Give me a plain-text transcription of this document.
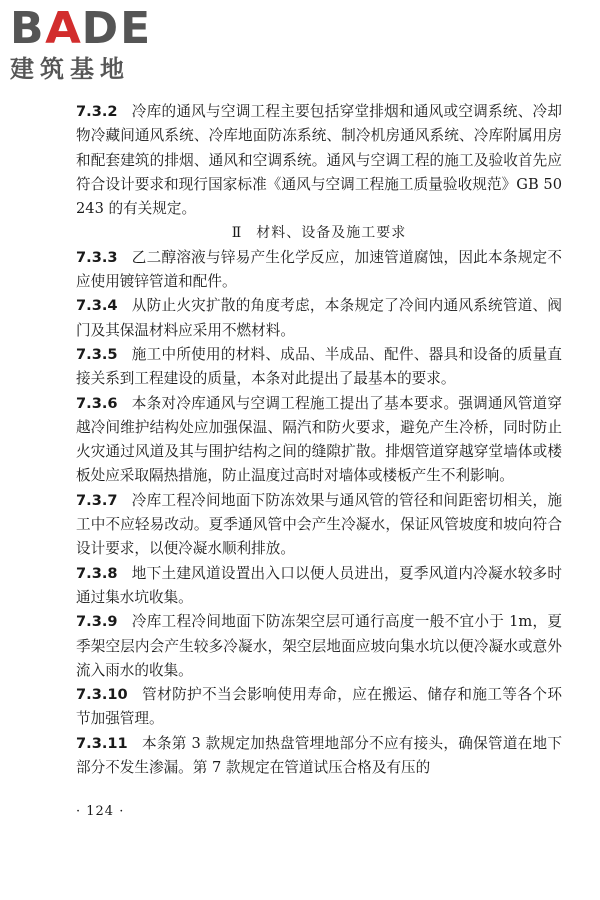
BADE
建筑基地

7.3.2 冷库的通风与空调工程主要包括穿堂排烟和通风或空调系统、冷却物冷藏间通风系统、冷库地面防冻系统、制冷机房通风系统、冷库附属用房和配套建筑的排烟、通风和空调系统。通风与空调工程的施工及验收首先应符合设计要求和现行国家标准《通风与空调工程施工质量验收规范》GB 50243 的有关规定。

Ⅱ 材料、设备及施工要求

7.3.3 乙二醇溶液与锌易产生化学反应，加速管道腐蚀，因此本条规定不应使用镀锌管道和配件。

7.3.4 从防止火灾扩散的角度考虑，本条规定了冷间内通风系统管道、阀门及其保温材料应采用不燃材料。

7.3.5 施工中所使用的材料、成品、半成品、配件、器具和设备的质量直接关系到工程建设的质量，本条对此提出了最基本的要求。

7.3.6 本条对冷库通风与空调工程施工提出了基本要求。强调通风管道穿越冷间维护结构处应加强保温、隔汽和防火要求，避免产生冷桥，同时防止火灾通过风道及其与围护结构之间的缝隙扩散。排烟管道穿越穿堂墙体或楼板处应采取隔热措施，防止温度过高时对墙体或楼板产生不利影响。

7.3.7 冷库工程冷间地面下防冻效果与通风管的管径和间距密切相关，施工中不应轻易改动。夏季通风管中会产生冷凝水，保证风管坡度和坡向符合设计要求，以便冷凝水顺利排放。

7.3.8 地下土建风道设置出入口以便人员进出，夏季风道内冷凝水较多时通过集水坑收集。

7.3.9 冷库工程冷间地面下防冻架空层可通行高度一般不宜小于 1m，夏季架空层内会产生较多冷凝水，架空层地面应坡向集水坑以便冷凝水或意外流入雨水的收集。

7.3.10 管材防护不当会影响使用寿命，应在搬运、储存和施工等各个环节加强管理。

7.3.11 本条第 3 款规定加热盘管埋地部分不应有接头，确保管道在地下部分不发生渗漏。第 7 款规定在管道试压合格及有压的

· 124 ·
